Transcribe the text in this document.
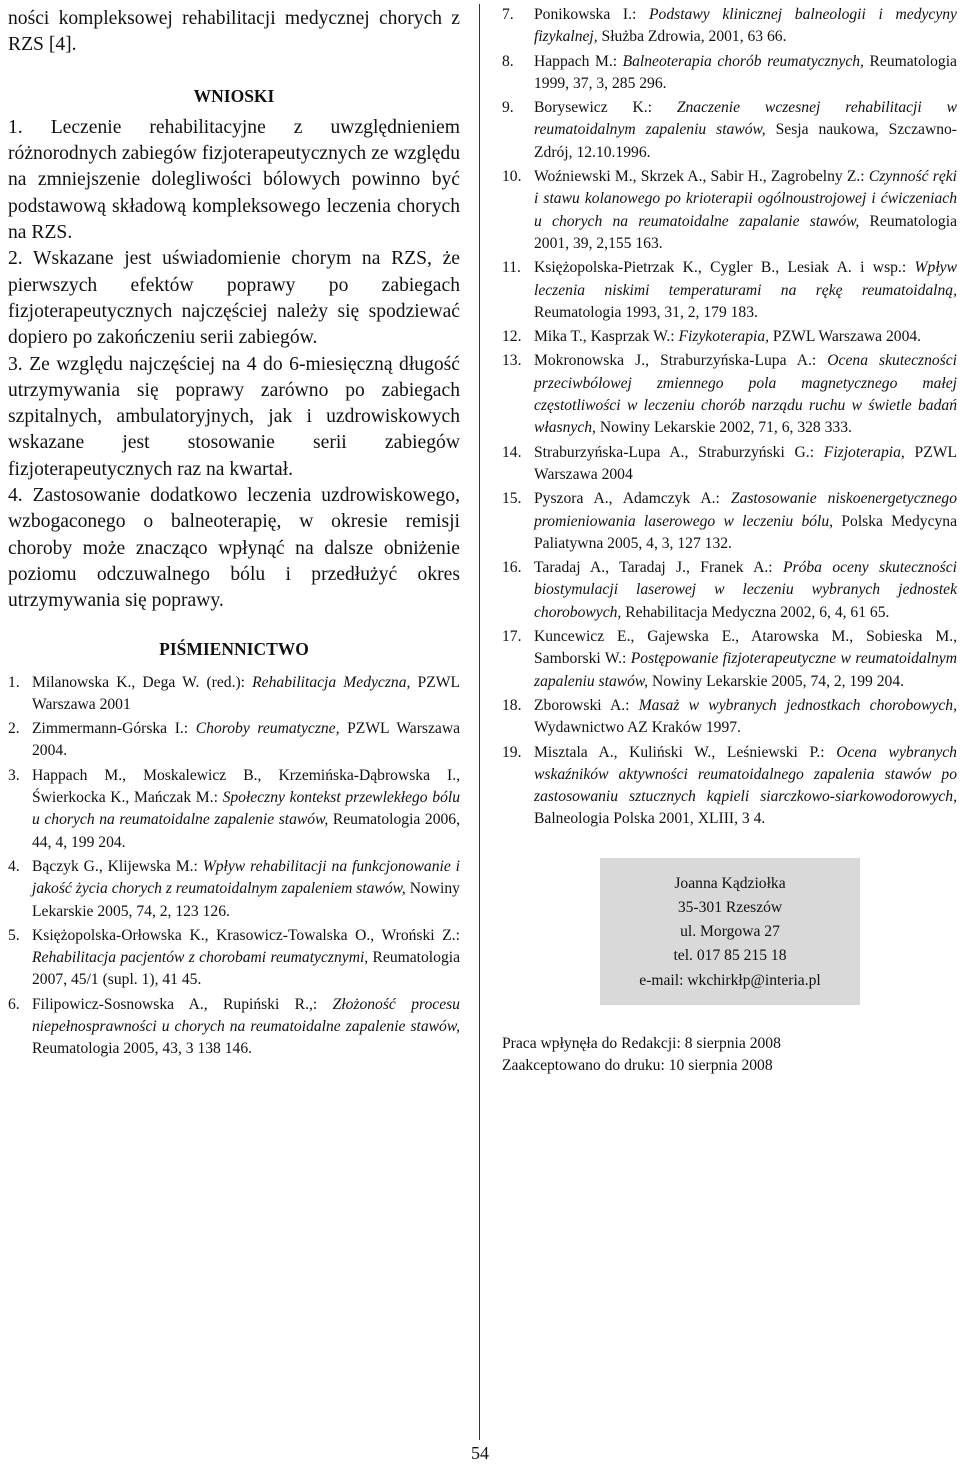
ności kompleksowej rehabilitacji medycznej chorych z RZS [4].

WNIOSKI

1. Leczenie rehabilitacyjne z uwzględnieniem różnorodnych zabiegów fizjoterapeutycznych ze względu na zmniejszenie dolegliwości bólowych powinno być podstawową składową kompleksowego leczenia chorych na RZS.

2. Wskazane jest uświadomienie chorym na RZS, że pierwszych efektów poprawy po zabiegach fizjoterapeutycznych najczęściej należy się spodziewać dopiero po zakończeniu serii zabiegów.

3. Ze względu najczęściej na 4 do 6-miesięczną długość utrzymywania się poprawy zarówno po zabiegach szpitalnych, ambulatoryjnych, jak i uzdrowiskowych wskazane jest stosowanie serii zabiegów fizjoterapeutycznych raz na kwartał.

4. Zastosowanie dodatkowo leczenia uzdrowiskowego, wzbogaconego o balneoterapię, w okresie remisji choroby może znacząco wpłynąć na dalsze obniżenie poziomu odczuwalnego bólu i przedłużyć okres utrzymywania się poprawy.

PIŚMIENNICTWO

1. Milanowska K., Dega W. (red.): Rehabilitacja Medyczna, PZWL Warszawa 2001
2. Zimmermann-Górska I.: Choroby reumatyczne, PZWL Warszawa 2004.
3. Happach M., Moskalewicz B., Krzemińska-Dąbrowska I., Świerkocka K., Mańczak M.: Społeczny kontekst przewlekłego bólu u chorych na reumatoidalne zapalenie stawów, Reumatologia 2006, 44, 4, 199 204.
4. Bączyk G., Klijewska M.: Wpływ rehabilitacji na funkcjonowanie i jakość życia chorych z reumatoidalnym zapaleniem stawów, Nowiny Lekarskie 2005, 74, 2, 123 126.
5. Księżopolska-Orłowska K., Krasowicz-Towalska O., Wroński Z.: Rehabilitacja pacjentów z chorobami reumatycznymi, Reumatologia 2007, 45/1 (supl. 1), 41 45.
6. Filipowicz-Sosnowska A., Rupiński R.,: Złożoność procesu niepełnosprawności u chorych na reumatoidalne zapalenie stawów, Reumatologia 2005, 43, 3 138 146.
7. Ponikowska I.: Podstawy klinicznej balneologii i medycyny fizykalnej, Służba Zdrowia, 2001, 63 66.
8. Happach M.: Balneoterapia chorób reumatycznych, Reumatologia 1999, 37, 3, 285 296.
9. Borysewicz K.: Znaczenie wczesnej rehabilitacji w reumatoidalnym zapaleniu stawów, Sesja naukowa, Szczawno-Zdrój, 12.10.1996.
10. Woźniewski M., Skrzek A., Sabir H., Zagrobelny Z.: Czynność ręki i stawu kolanowego po krioterapii ogólnoustrojowej i ćwiczeniach u chorych na reumatoidalne zapalanie stawów, Reumatologia 2001, 39, 2,155 163.
11. Księżopolska-Pietrzak K., Cygler B., Lesiak A. i wsp.: Wpływ leczenia niskimi temperaturami na rękę reumatoidalną, Reumatologia 1993, 31, 2, 179 183.
12. Mika T., Kasprzak W.: Fizykoterapia, PZWL Warszawa 2004.
13. Mokronowska J., Straburzyńska-Lupa A.: Ocena skuteczności przeciwbólowej zmiennego pola magnetycznego małej częstotliwości w leczeniu chorób narządu ruchu w świetle badań własnych, Nowiny Lekarskie 2002, 71, 6, 328 333.
14. Straburzyńska-Lupa A., Straburzyński G.: Fizjoterapia, PZWL Warszawa 2004
15. Pyszora A., Adamczyk A.: Zastosowanie niskoenergetycznego promieniowania laserowego w leczeniu bólu, Polska Medycyna Paliatywna 2005, 4, 3, 127 132.
16. Taradaj A., Taradaj J., Franek A.: Próba oceny skuteczności biostymulacji laserowej w leczeniu wybranych jednostek chorobowych, Rehabilitacja Medyczna 2002, 6, 4, 61 65.
17. Kuncewicz E., Gajewska E., Atarowska M., Sobieska M., Samborski W.: Postępowanie fizjoterapeutyczne w reumatoidalnym zapaleniu stawów, Nowiny Lekarskie 2005, 74, 2, 199 204.
18. Zborowski A.: Masaż w wybranych jednostkach chorobowych, Wydawnictwo AZ Kraków 1997.
19. Misztala A., Kuliński W., Leśniewski P.: Ocena wybranych wskaźników aktywności reumatoidalnego zapalenia stawów po zastosowaniu sztucznych kąpieli siarczkowo-siarkowodorowych, Balneologia Polska 2001, XLIII, 3 4.
Joanna Kądziołka
35-301 Rzeszów
ul. Morgowa 27
tel. 017 85 215 18
e-mail: wkchirkłp@interia.pl
Praca wpłynęła do Redakcji: 8 sierpnia 2008
Zaakceptowano do druku: 10 sierpnia 2008
54
